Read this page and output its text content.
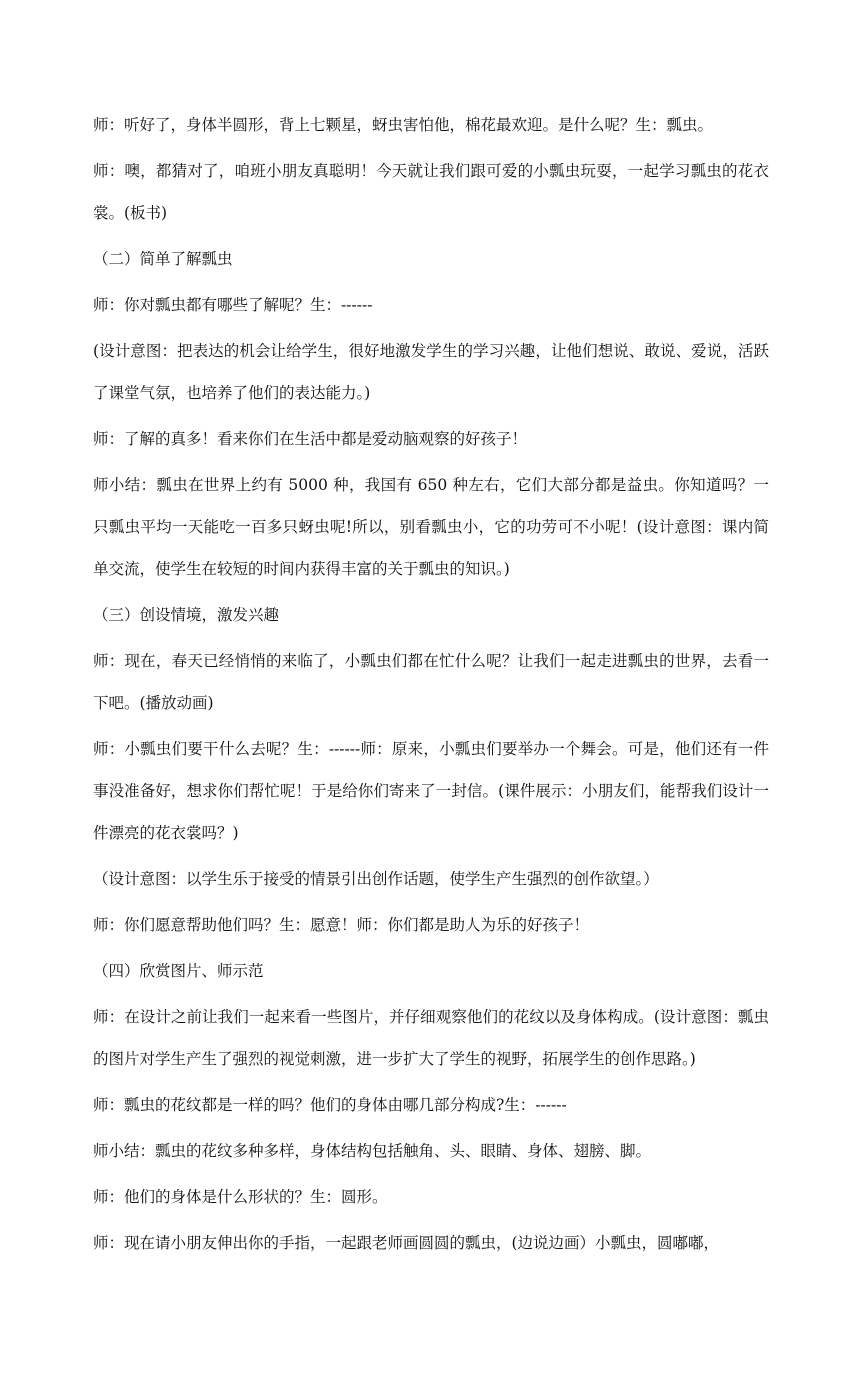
师：听好了，身体半圆形，背上七颗星，蚜虫害怕他，棉花最欢迎。是什么呢？生：瓢虫。

师：噢，都猜对了，咱班小朋友真聪明！今天就让我们跟可爱的小瓢虫玩耍，一起学习瓢虫的花衣裳。(板书)

（二）简单了解瓢虫

师：你对瓢虫都有哪些了解呢？生：------

(设计意图：把表达的机会让给学生，很好地激发学生的学习兴趣，让他们想说、敢说、爱说，活跃了课堂气氛，也培养了他们的表达能力。)

师：了解的真多！看来你们在生活中都是爱动脑观察的好孩子！

师小结：瓢虫在世界上约有 5000 种，我国有 650 种左右，它们大部分都是益虫。你知道吗？一只瓢虫平均一天能吃一百多只蚜虫呢!所以，别看瓢虫小，它的功劳可不小呢！(设计意图：课内简单交流，使学生在较短的时间内获得丰富的关于瓢虫的知识。)

（三）创设情境，激发兴趣

师：现在，春天已经悄悄的来临了，小瓢虫们都在忙什么呢？让我们一起走进瓢虫的世界，去看一下吧。(播放动画)

师：小瓢虫们要干什么去呢？生：------师：原来，小瓢虫们要举办一个舞会。可是，他们还有一件事没准备好，想求你们帮忙呢！于是给你们寄来了一封信。(课件展示：小朋友们，能帮我们设计一件漂亮的花衣裳吗？)

（设计意图：以学生乐于接受的情景引出创作话题，使学生产生强烈的创作欲望。）

师：你们愿意帮助他们吗？生：愿意！师：你们都是助人为乐的好孩子！

（四）欣赏图片、师示范

师：在设计之前让我们一起来看一些图片，并仔细观察他们的花纹以及身体构成。(设计意图：瓢虫的图片对学生产生了强烈的视觉刺激，进一步扩大了学生的视野，拓展学生的创作思路。)

师：瓢虫的花纹都是一样的吗？他们的身体由哪几部分构成?生：------

师小结：瓢虫的花纹多种多样，身体结构包括触角、头、眼睛、身体、翅膀、脚。

师：他们的身体是什么形状的？生：圆形。

师：现在请小朋友伸出你的手指，一起跟老师画圆圆的瓢虫，(边说边画）小瓢虫，圆嘟嘟，
